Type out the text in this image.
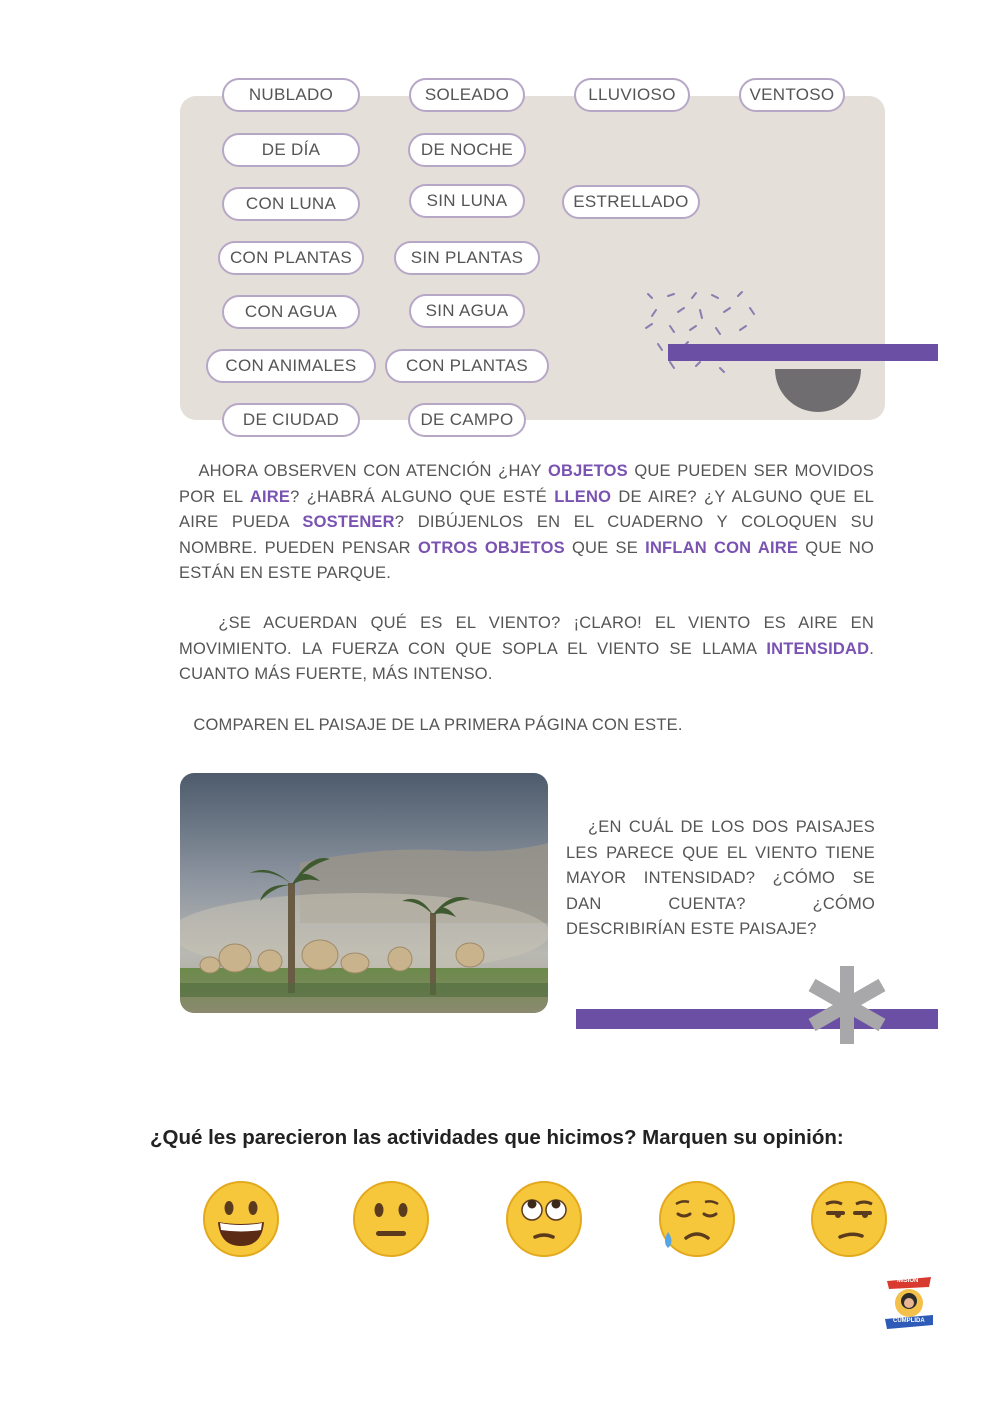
NUBLADO	SOLEADO	LLUVIOSO	VENTOSO
DE DÍA	DE NOCHE
CON LUNA	SIN LUNA	ESTRELLADO
CON PLANTAS	SIN PLANTAS
CON AGUA	SIN AGUA
CON ANIMALES	CON PLANTAS
DE CIUDAD	DE CAMPO
AHORA OBSERVEN CON ATENCIÓN ¿HAY OBJETOS QUE PUEDEN SER MOVIDOS POR EL AIRE? ¿HABRÁ ALGUNO QUE ESTÉ LLENO DE AIRE? ¿Y ALGUNO QUE EL AIRE PUEDA SOSTENER? DIBÚJENLOS EN EL CUADERNO Y COLOQUEN SU NOMBRE. PUEDEN PENSAR OTROS OBJETOS QUE SE INFLAN CON AIRE QUE NO ESTÁN EN ESTE PARQUE.
¿SE ACUERDAN QUÉ ES EL VIENTO? ¡CLARO! EL VIENTO ES AIRE EN MOVIMIENTO. LA FUERZA CON QUE SOPLA EL VIENTO SE LLAMA INTENSIDAD. CUANTO MÁS FUERTE, MÁS INTENSO.
COMPAREN EL PAISAJE DE LA PRIMERA PÁGINA CON ESTE.
¿EN CUÁL DE LOS DOS PAISAJES LES PARECE QUE EL VIENTO TIENE MAYOR INTENSIDAD? ¿CÓMO SE DAN CUENTA? ¿CÓMO DESCRIBIRÍAN ESTE PAISAJE?
¿Qué les parecieron las actividades que hicimos? Marquen su opinión:
MISIÓN
CUMPLIDA
